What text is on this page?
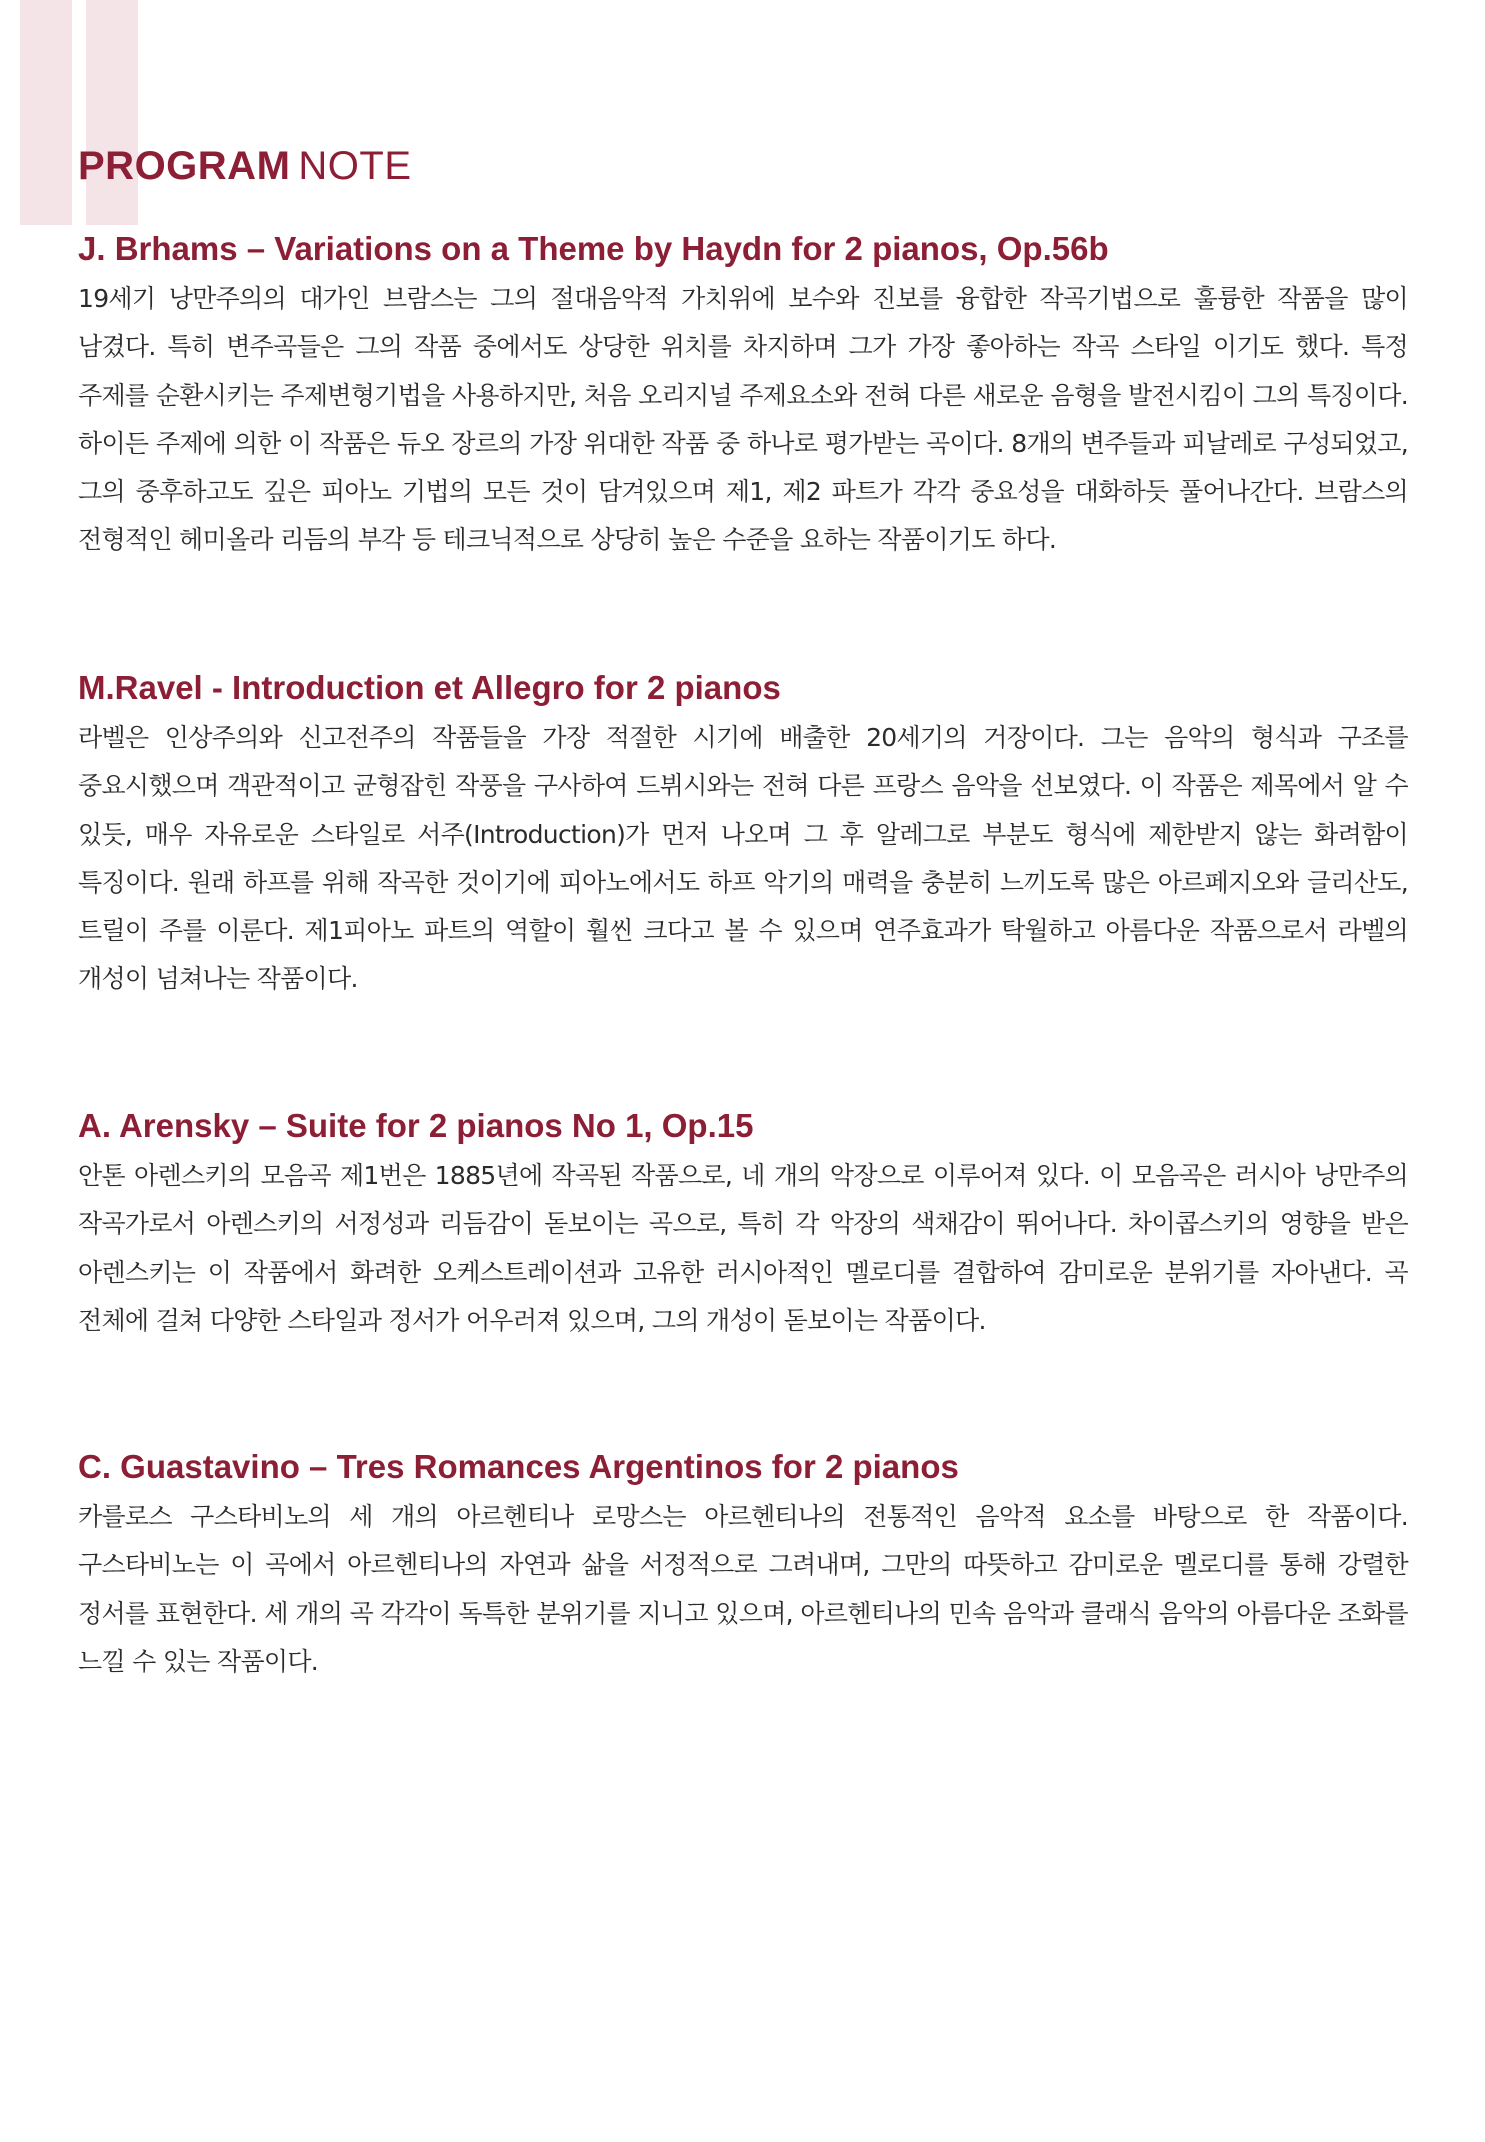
PROGRAM NOTE
J. Brhams – Variations on a Theme by Haydn for 2 pianos, Op.56b

19세기 낭만주의의 대가인 브람스는 그의 절대음악적 가치위에 보수와 진보를 융합한 작곡기법으로 훌륭한 작품을 많이 남겼다. 특히 변주곡들은 그의 작품 중에서도 상당한 위치를 차지하며 그가 가장 좋아하는 작곡 스타일 이기도 했다. 특정 주제를 순환시키는 주제변형기법을 사용하지만, 처음 오리지널 주제요소와 전혀 다른 새로운 음형을 발전시킴이 그의 특징이다. 하이든 주제에 의한 이 작품은 듀오 장르의 가장 위대한 작품 중 하나로 평가받는 곡이다. 8개의 변주들과 피날레로 구성되었고, 그의 중후하고도 깊은 피아노 기법의 모든 것이 담겨있으며 제1, 제2 파트가 각각 중요성을 대화하듯 풀어나간다. 브람스의 전형적인 헤미올라 리듬의 부각 등 테크닉적으로 상당히 높은 수준을 요하는 작품이기도 하다.

M.Ravel - Introduction et Allegro for 2 pianos

라벨은 인상주의와 신고전주의 작품들을 가장 적절한 시기에 배출한 20세기의 거장이다. 그는 음악의 형식과 구조를 중요시했으며 객관적이고 균형잡힌 작풍을 구사하여 드뷔시와는 전혀 다른 프랑스 음악을 선보였다. 이 작품은 제목에서 알 수 있듯, 매우 자유로운 스타일로 서주(Introduction)가 먼저 나오며 그 후 알레그로 부분도 형식에 제한받지 않는 화려함이 특징이다. 원래 하프를 위해 작곡한 것이기에 피아노에서도 하프 악기의 매력을 충분히 느끼도록 많은 아르페지오와 글리산도, 트릴이 주를 이룬다. 제1피아노 파트의 역할이 훨씬 크다고 볼 수 있으며 연주효과가 탁월하고 아름다운 작품으로서 라벨의 개성이 넘쳐나는 작품이다.

A. Arensky – Suite for 2 pianos No 1, Op.15

안톤 아렌스키의 모음곡 제1번은 1885년에 작곡된 작품으로, 네 개의 악장으로 이루어져 있다. 이 모음곡은 러시아 낭만주의 작곡가로서 아렌스키의 서정성과 리듬감이 돋보이는 곡으로, 특히 각 악장의 색채감이 뛰어나다. 차이콥스키의 영향을 받은 아렌스키는 이 작품에서 화려한 오케스트레이션과 고유한 러시아적인 멜로디를 결합하여 감미로운 분위기를 자아낸다. 곡 전체에 걸쳐 다양한 스타일과 정서가 어우러져 있으며, 그의 개성이 돋보이는 작품이다.

C. Guastavino – Tres Romances Argentinos for 2 pianos

카를로스 구스타비노의 세 개의 아르헨티나 로망스는 아르헨티나의 전통적인 음악적 요소를 바탕으로 한 작품이다. 구스타비노는 이 곡에서 아르헨티나의 자연과 삶을 서정적으로 그려내며, 그만의 따뜻하고 감미로운 멜로디를 통해 강렬한 정서를 표현한다. 세 개의 곡 각각이 독특한 분위기를 지니고 있으며, 아르헨티나의 민속 음악과 클래식 음악의 아름다운 조화를 느낄 수 있는 작품이다.
